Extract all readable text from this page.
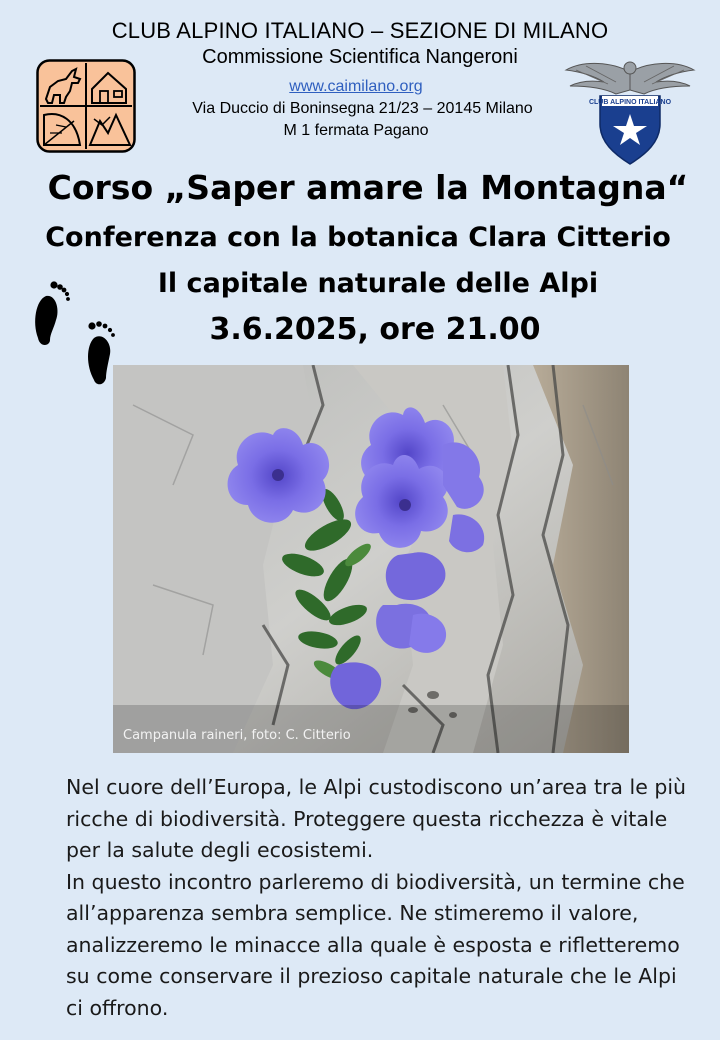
CLUB ALPINO ITALIANO – SEZIONE DI MILANO
Commissione Scientifica Nangeroni
www.caimilano.org
Via Duccio di Boninsegna 21/23 – 20145 Milano
M 1 fermata Pagano
CLUB ALPINO ITALIANO
Corso „Saper amare la Montagna“
Conferenza con la botanica Clara Citterio
Il capitale naturale delle Alpi
3.6.2025, ore 21.00
Campanula raineri, foto: C. Citterio

Nel cuore dell’Europa, le Alpi custodiscono un’area tra le più ricche di biodiversità. Proteggere questa ricchezza è vitale per la salute degli ecosistemi.

In questo incontro parleremo di biodiversità, un termine che all’apparenza sembra semplice. Ne stimeremo il valore, analizzeremo le minacce alla quale è esposta e rifletteremo su come conservare il prezioso capitale naturale che le Alpi ci offrono.
